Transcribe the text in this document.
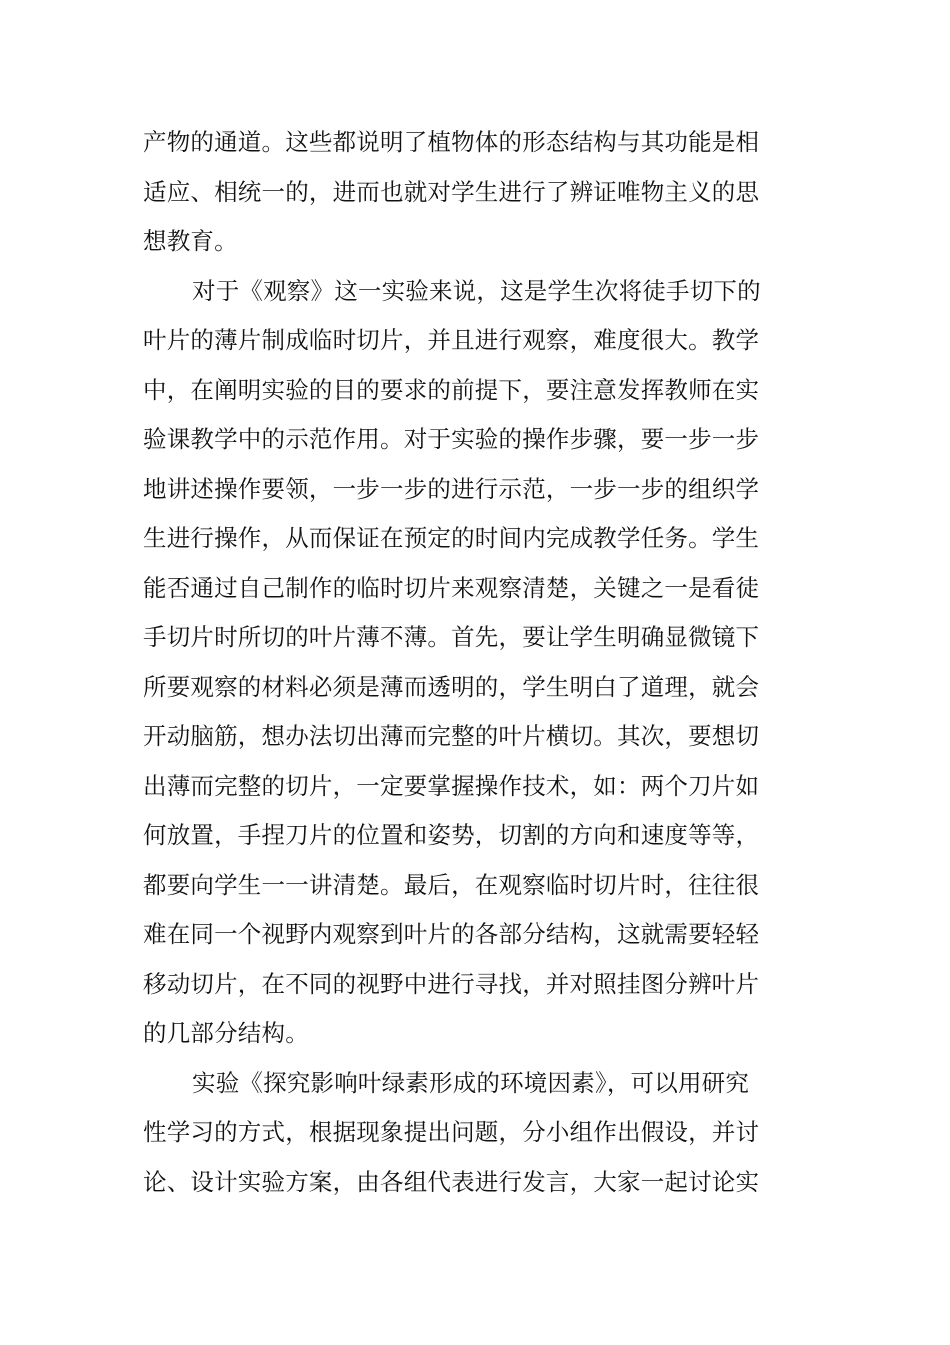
产物的通道。这些都说明了植物体的形态结构与其功能是相
适应、相统一的，进而也就对学生进行了辨证唯物主义的思
想教育。
对于《观察》这一实验来说，这是学生次将徒手切下的
叶片的薄片制成临时切片，并且进行观察，难度很大。教学
中，在阐明实验的目的要求的前提下，要注意发挥教师在实
验课教学中的示范作用。对于实验的操作步骤，要一步一步
地讲述操作要领，一步一步的进行示范，一步一步的组织学
生进行操作，从而保证在预定的时间内完成教学任务。学生
能否通过自己制作的临时切片来观察清楚，关键之一是看徒
手切片时所切的叶片薄不薄。首先，要让学生明确显微镜下
所要观察的材料必须是薄而透明的，学生明白了道理，就会
开动脑筋，想办法切出薄而完整的叶片横切。其次，要想切
出薄而完整的切片，一定要掌握操作技术，如：两个刀片如
何放置，手捏刀片的位置和姿势，切割的方向和速度等等，
都要向学生一一讲清楚。最后，在观察临时切片时，往往很
难在同一个视野内观察到叶片的各部分结构，这就需要轻轻
移动切片，在不同的视野中进行寻找，并对照挂图分辨叶片
的几部分结构。
实验《探究影响叶绿素形成的环境因素》，可以用研究
性学习的方式，根据现象提出问题，分小组作出假设，并讨
论、设计实验方案，由各组代表进行发言，大家一起讨论实
